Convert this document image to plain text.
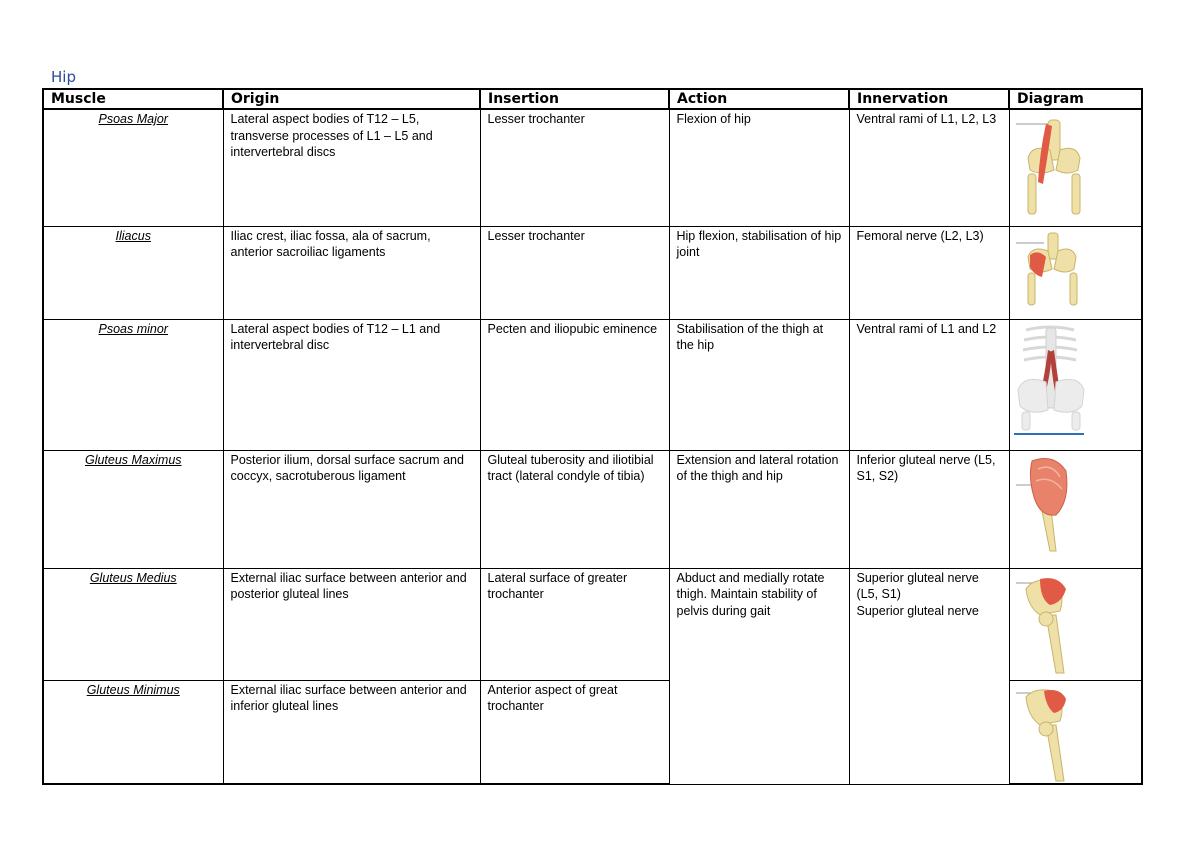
Hip
Muscle	Origin	Insertion	Action	Innervation	Diagram
Psoas Major	Lateral aspect bodies of T12 – L5, transverse processes of L1 – L5 and intervertebral discs	Lesser trochanter	Flexion of hip	Ventral rami of L1, L2, L3	

Iliacus	Iliac crest, iliac fossa, ala of sacrum, anterior sacroiliac ligaments	Lesser trochanter	Hip flexion, stabilisation of hip joint	Femoral nerve (L2, L3)	

Psoas minor	Lateral aspect bodies of T12 – L1 and intervertebral disc	Pecten and iliopubic eminence	Stabilisation of the thigh at the hip	Ventral rami of L1 and L2	

Gluteus Maximus	Posterior ilium, dorsal surface sacrum and coccyx, sacrotuberous ligament	Gluteal tuberosity and iliotibial tract (lateral condyle of tibia)	Extension and lateral rotation of the thigh and hip	Inferior gluteal nerve (L5, S1, S2)	

Gluteus Medius	External iliac surface between anterior and posterior gluteal lines	Lateral surface of greater trochanter	Abduct and medially rotate thigh. Maintain stability of pelvis during gait	Superior gluteal nerve (L5, S1)
Superior gluteal nerve	

Gluteus Minimus	External iliac surface between anterior and inferior gluteal lines	Anterior aspect of great trochanter	
